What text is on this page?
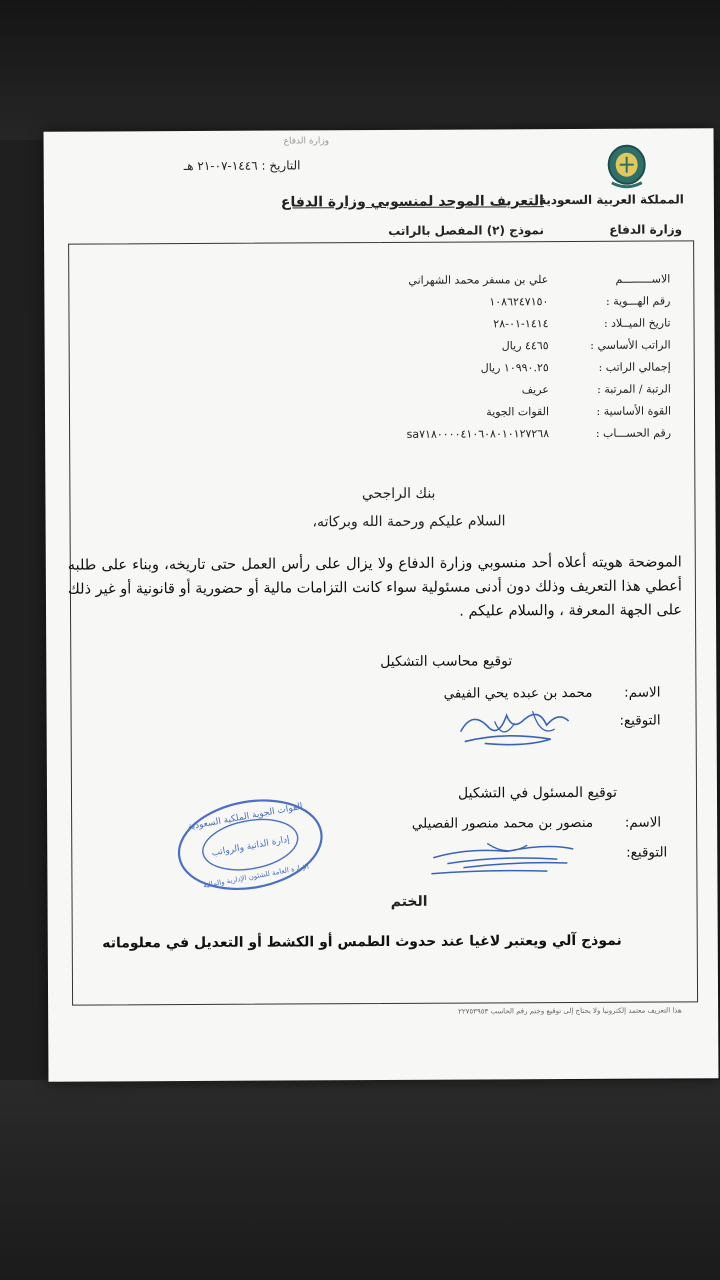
وزارة الدفاع
التاريخ : ١٤٤٦-٠٧-٢١ هـ
المملكة العربية السعودية
وزارة الدفاع
التعريف الموحد لمنسوبي وزارة الدفاع
نموذج (٢) المفصل بالراتب
الاســـــــــم
علي بن مسفر محمد الشهراني
رقم الهـــوية :
١٠٨٦٢٤٧١٥٠
تاريخ الميــلاد :
١٤١٤-٠١-٢٨
الراتب الأساسي :
٤٤٦٥ ريال
إجمالي الراتب :
١٠٩٩٠.٢٥ ريال
الرتبة / المرتبة :
عريف
القوة الأساسية :
القوات الجوية
رقم الحســـاب :
sa٧١٨٠٠٠٠٤١٠٦٠٨٠١٠١٢٧٢٦٨
بنك الراجحي
السلام عليكم ورحمة الله وبركاته،
الموضحة هويته أعلاه أحد منسوبي وزارة الدفاع ولا يزال على رأس العمل حتى تاريخه، وبناء على طلبه أعطي هذا التعريف وذلك دون أدنى مسئولية سواء كانت التزامات مالية أو حضورية أو قانونية أو غير ذلك على الجهة المعرفة ، والسلام عليكم .
توقيع محاسب التشكيل
الاسم:
محمد بن عبده يحي الفيفي
التوقيع:
القوات الجوية الملكية السعودية
إدارة الذاتية والرواتب
الإدارة العامة للشئون الإدارية والمالية
توقيع المسئول في التشكيل
الاسم:
منصور بن محمد منصور الفصيلي
التوقيع:
الختم
نموذج آلي ويعتبر لاغيا عند حدوث الطمس أو الكشط أو التعديل في معلوماته
هذا التعريف معتمد إلكترونيا ولا يحتاج إلى توقيع وختم رقم الحاسب ٢٢٧٥٣٩٥٣
